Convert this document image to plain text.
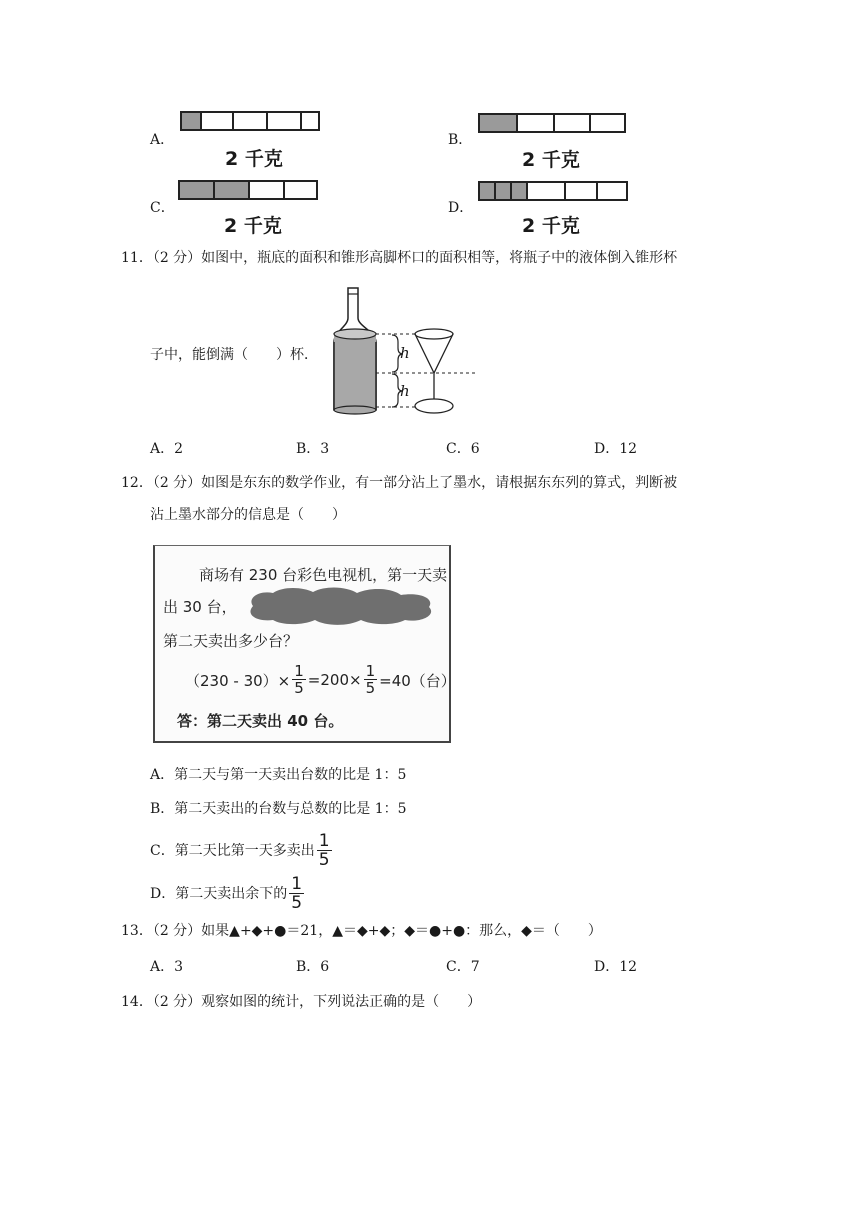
A．
2 千克
B．
2 千克
C．
2 千克
D．
2 千克
11．（2 分）如图中，瓶底的面积和锥形高脚杯口的面积相等，将瓶子中的液体倒入锥形杯
子中，能倒满（　　）杯．	h
h
A．2	B．3	C．6	D．12
12．（2 分）如图是东东的数学作业，有一部分沾上了墨水，请根据东东列的算式，判断被
沾上墨水部分的信息是（　　）
商场有 230 台彩色电视机，第一天卖
出 30 台，
第二天卖出多少台？
$(230 - 30)\times \frac{1}{5} =200\times \frac{1}{5} =40$（台）
答：第二天卖出 40 台。
A．第二天与第一天卖出台数的比是 1：5
B．第二天卖出的台数与总数的比是 1：5
C．第二天比第一天多卖出 $\frac{1}{5}$
D．第二天卖出余下的 $\frac{1}{5}$
13．（2 分）如果▲+◆+●＝21，▲＝◆+◆；◆＝●+●：那么，◆＝（　　）
A．3	B．6	C．7	D．12
14．（2 分）观察如图的统计，下列说法正确的是（　　）
